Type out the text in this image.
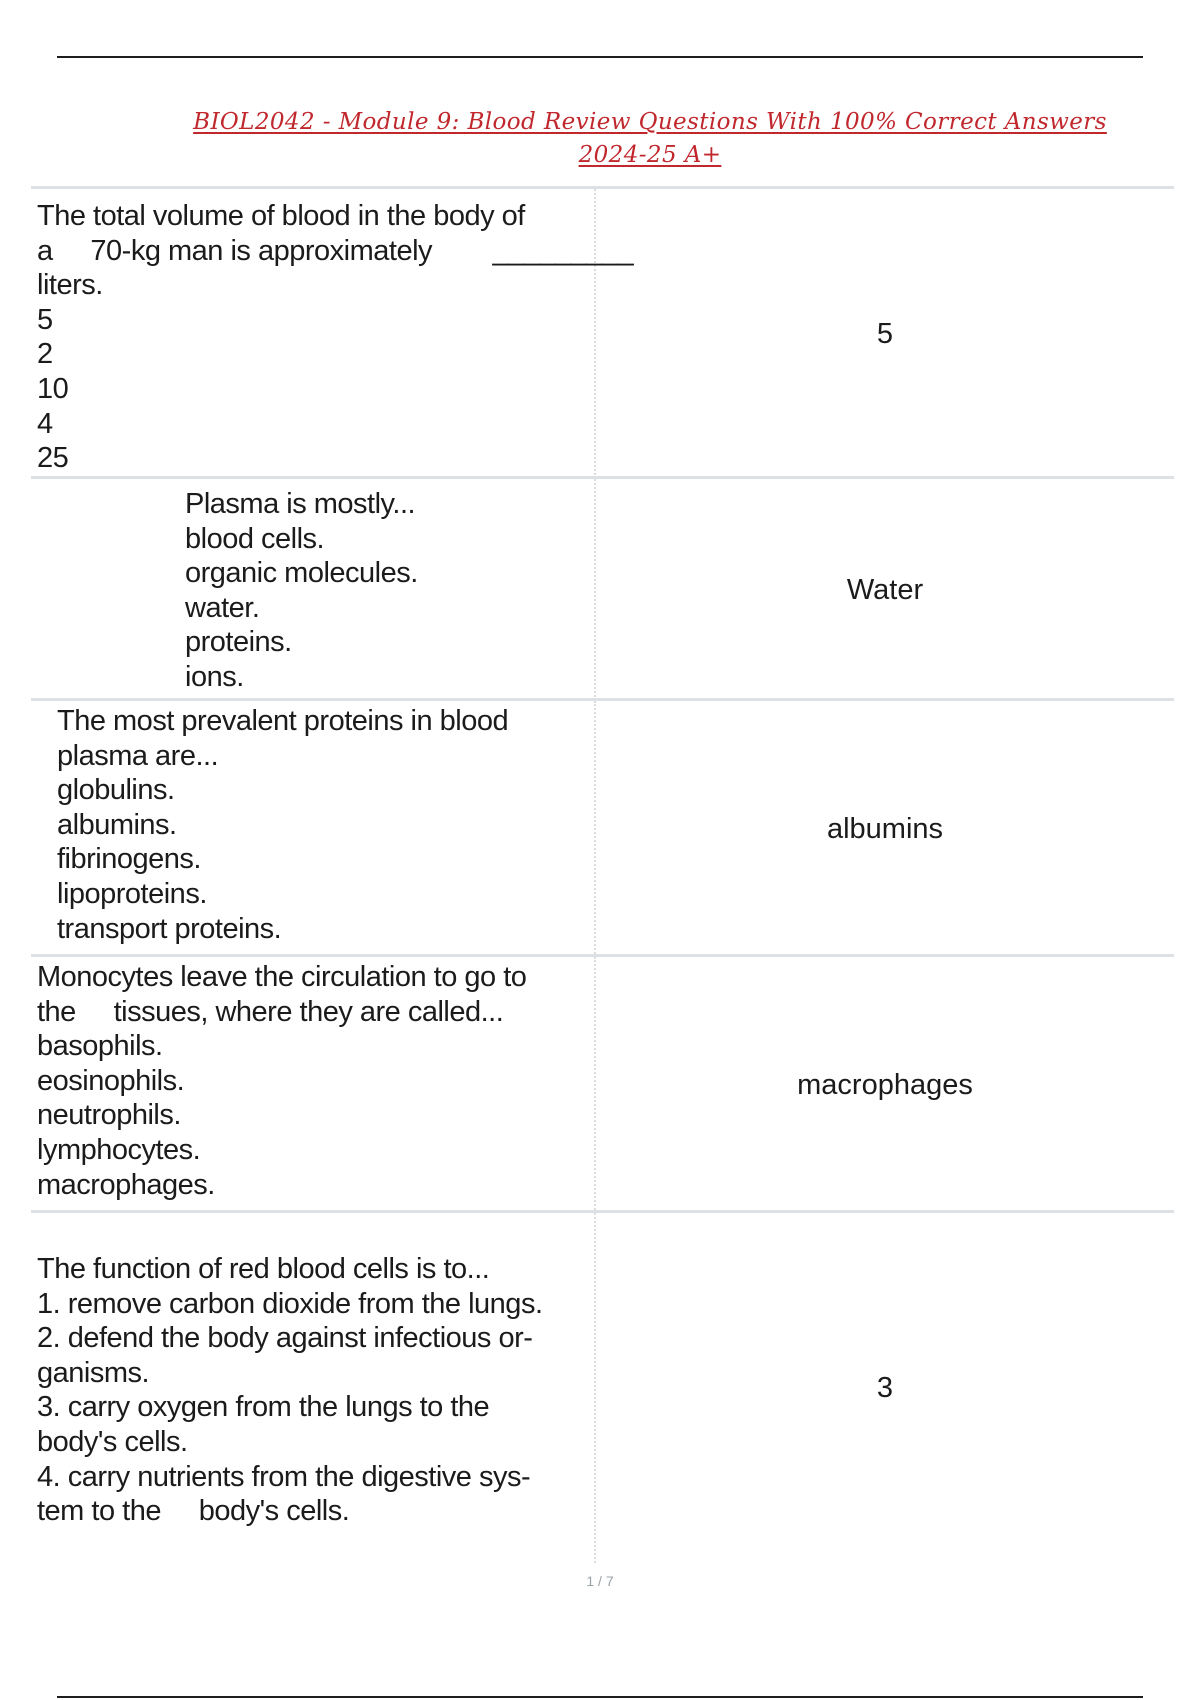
BIOL2042 - Module 9: Blood Review Questions With 100% Correct Answers
2024-25 A+
The total volume of blood in the body of
a     70-kg man is approximately        _________
liters.
5
2
10
4
25
5
Plasma is mostly...
blood cells.
organic molecules.
water.
proteins.
ions.
Water
The most prevalent proteins in blood
plasma are...
globulins.
albumins.
fibrinogens.
lipoproteins.
transport proteins.
albumins
Monocytes leave the circulation to go to
the     tissues, where they are called...
basophils.
eosinophils.
neutrophils.
lymphocytes.
macrophages.
macrophages
The function of red blood cells is to...
1. remove carbon dioxide from the lungs.
2. defend the body against infectious or-
ganisms.
3. carry oxygen from the lungs to the
body's cells.
4. carry nutrients from the digestive sys-
tem to the     body's cells.
3
1 / 7
